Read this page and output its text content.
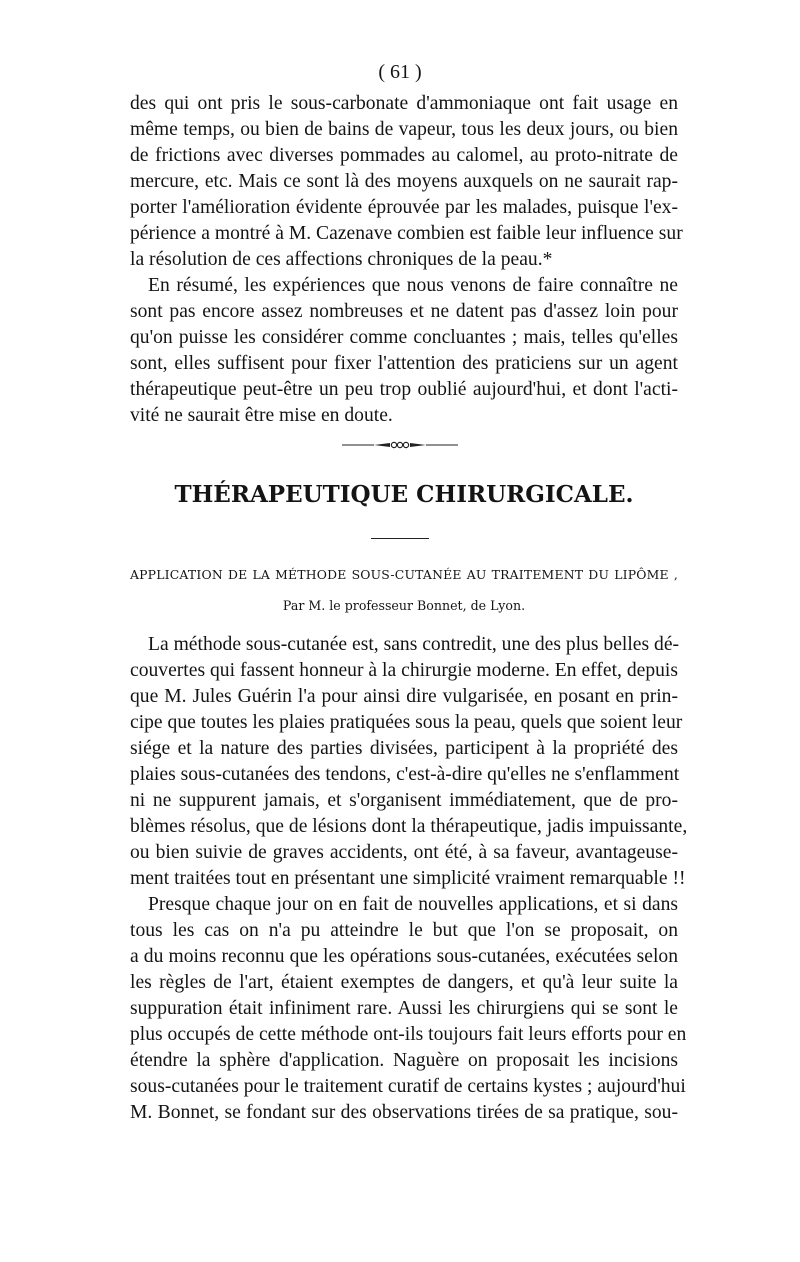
( 61 )
des qui ont pris le sous-carbonate d'ammoniaque ont fait usage en
même temps, ou bien de bains de vapeur, tous les deux jours, ou bien
de frictions avec diverses pommades au calomel, au proto-nitrate de
mercure, etc. Mais ce sont là des moyens auxquels on ne saurait rap-
porter l'amélioration évidente éprouvée par les malades, puisque l'ex-
périence a montré à M. Cazenave combien est faible leur influence sur
la résolution de ces affections chroniques de la peau.*
En résumé, les expériences que nous venons de faire connaître ne
sont pas encore assez nombreuses et ne datent pas d'assez loin pour
qu'on puisse les considérer comme concluantes ; mais, telles qu'elles
sont, elles suffisent pour fixer l'attention des praticiens sur un agent
thérapeutique peut-être un peu trop oublié aujourd'hui, et dont l'acti-
vité ne saurait être mise en doute.
THÉRAPEUTIQUE CHIRURGICALE.
APPLICATION DE LA MÉTHODE SOUS-CUTANÉE AU TRAITEMENT DU LIPÔME ,
Par M. le professeur Bonnet, de Lyon.
La méthode sous-cutanée est, sans contredit, une des plus belles dé-
couvertes qui fassent honneur à la chirurgie moderne. En effet, depuis
que M. Jules Guérin l'a pour ainsi dire vulgarisée, en posant en prin-
cipe que toutes les plaies pratiquées sous la peau, quels que soient leur
siége et la nature des parties divisées, participent à la propriété des
plaies sous-cutanées des tendons, c'est-à-dire qu'elles ne s'enflamment
ni ne suppurent jamais, et s'organisent immédiatement, que de pro-
blèmes résolus, que de lésions dont la thérapeutique, jadis impuissante,
ou bien suivie de graves accidents, ont été, à sa faveur, avantageuse-
ment traitées tout en présentant une simplicité vraiment remarquable !!
Presque chaque jour on en fait de nouvelles applications, et si dans
tous les cas on n'a pu atteindre le but que l'on se proposait, on
a du moins reconnu que les opérations sous-cutanées, exécutées selon
les règles de l'art, étaient exemptes de dangers, et qu'à leur suite la
suppuration était infiniment rare. Aussi les chirurgiens qui se sont le
plus occupés de cette méthode ont-ils toujours fait leurs efforts pour en
étendre la sphère d'application. Naguère on proposait les incisions
sous-cutanées pour le traitement curatif de certains kystes ; aujourd'hui
M. Bonnet, se fondant sur des observations tirées de sa pratique, sou-
